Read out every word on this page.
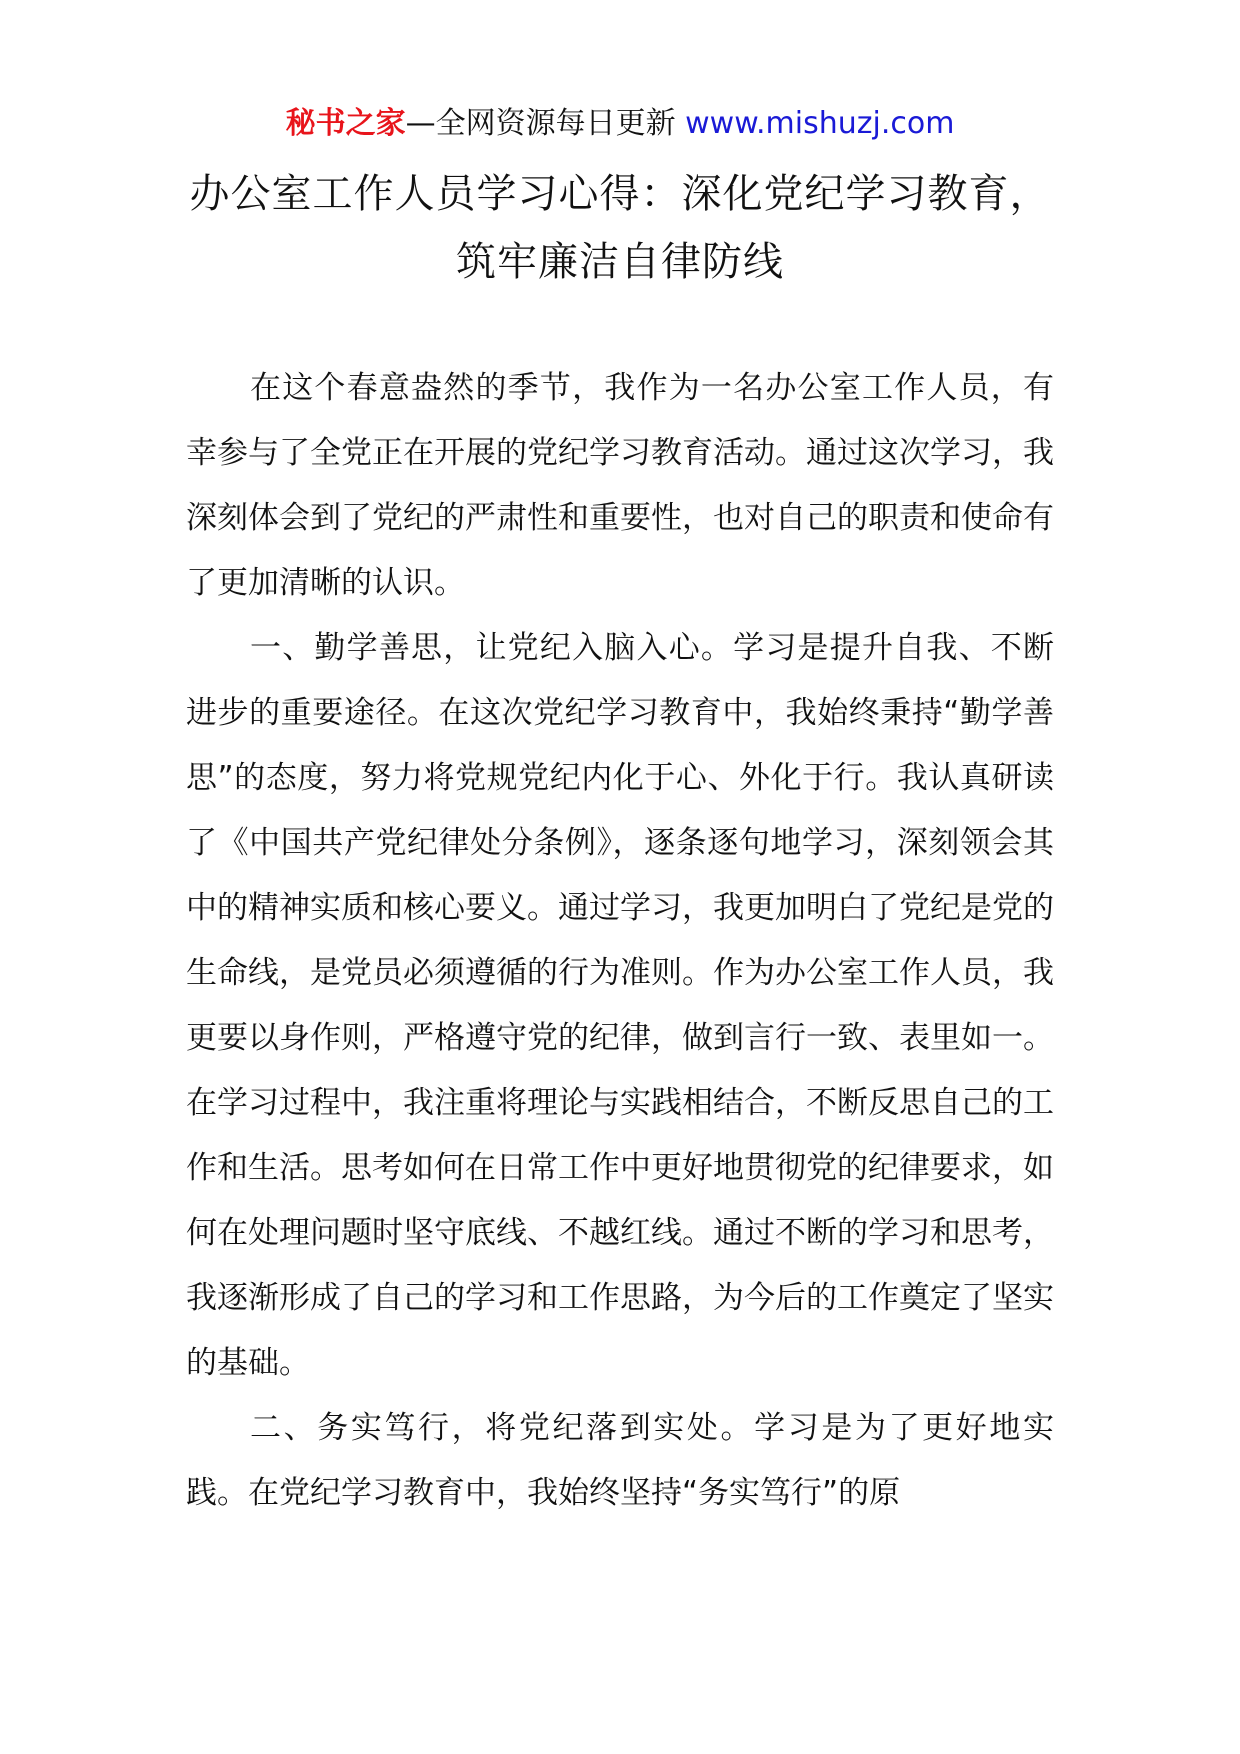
秘书之家—全网资源每日更新 www.mishuzj.com
办公室工作人员学习心得：深化党纪学习教育，筑牢廉洁自律防线

在这个春意盎然的季节，我作为一名办公室工作人员，有幸参与了全党正在开展的党纪学习教育活动。通过这次学习，我深刻体会到了党纪的严肃性和重要性，也对自己的职责和使命有了更加清晰的认识。

一、勤学善思，让党纪入脑入心。学习是提升自我、不断进步的重要途径。在这次党纪学习教育中，我始终秉持“勤学善思”的态度，努力将党规党纪内化于心、外化于行。我认真研读了《中国共产党纪律处分条例》，逐条逐句地学习，深刻领会其中的精神实质和核心要义。通过学习，我更加明白了党纪是党的生命线，是党员必须遵循的行为准则。作为办公室工作人员，我更要以身作则，严格遵守党的纪律，做到言行一致、表里如一。在学习过程中，我注重将理论与实践相结合，不断反思自己的工作和生活。思考如何在日常工作中更好地贯彻党的纪律要求，如何在处理问题时坚守底线、不越红线。通过不断的学习和思考，我逐渐形成了自己的学习和工作思路，为今后的工作奠定了坚实的基础。

二、务实笃行，将党纪落到实处。学习是为了更好地实践。在党纪学习教育中，我始终坚持“务实笃行”的原
